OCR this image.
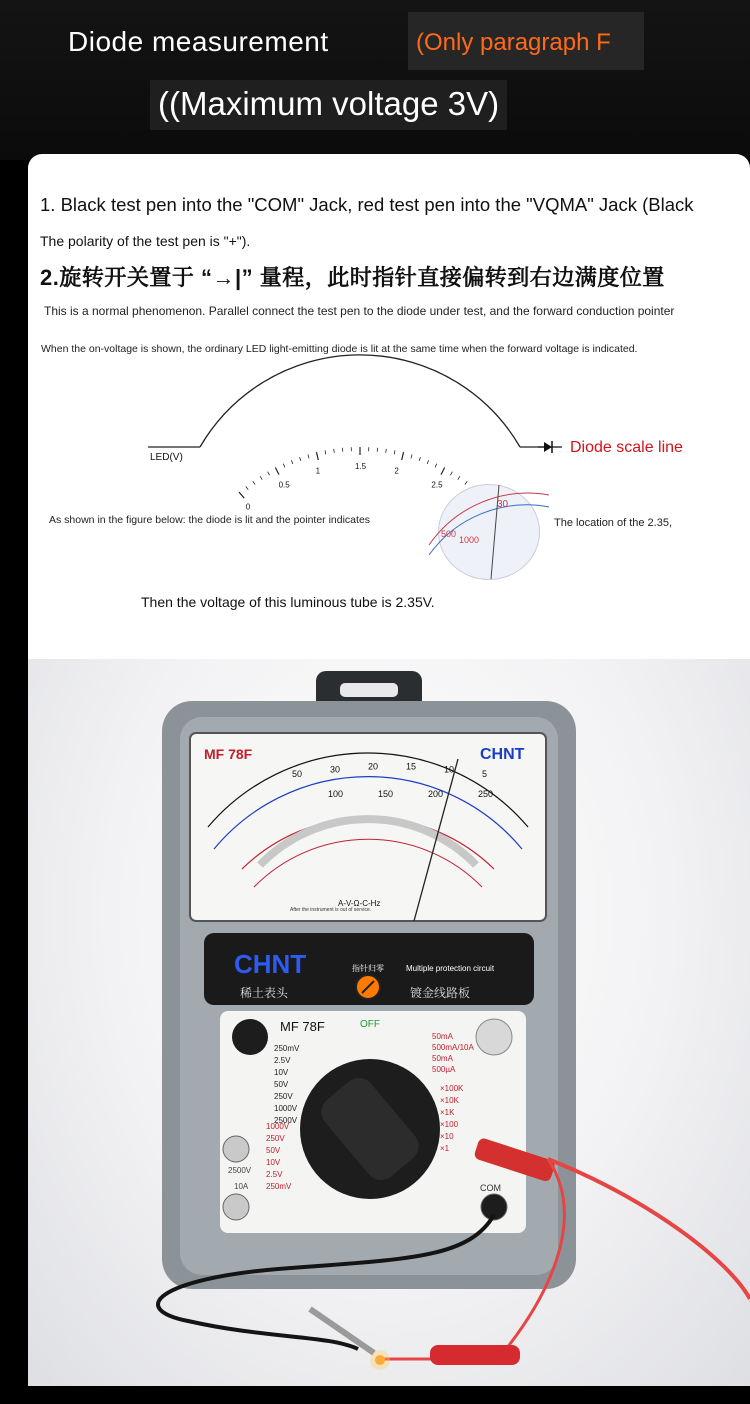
Diode measurement	(Only paragraph F
((Maximum voltage 3V)
1. Black test pen into the "COM" Jack, red test pen into the "VQMA" Jack (Black
The polarity of the test pen is "+").
2.旋转开关置于 “→|” 量程，此时指针直接偏转到右边满度位置
This is a normal phenomenon. Parallel connect the test pen to the diode under test, and the forward conduction pointer
When the on-voltage is shown, the ordinary LED light-emitting diode is lit at the same time when the forward voltage is indicated.
0
0.5
1
1.5
2
2.5
LED(V)
Diode scale line
As shown in the figure below: the diode is lit and the pointer indicates
30
500
1000
The location of the 2.35,
Then the voltage of this luminous tube is 2.35V.
MF 78F	CHNT
50	30	20	15	10	5
100	150	200	250
A-V-Ω-C-Hz
After the instrument is out of service.
CHNT
稀土表头
Multiple protection circuit
镀金线路板
指针归零
MF 78F	OFF
250mV
2.5V
10V
50V
250V
1000V
2500V
1000V
250V
50V
10V
2.5V
250mV
50mA
500mA/10A
50mA
500µA
×100K
×10K
×1K
×100
×10
×1
2500V
10A	COM
